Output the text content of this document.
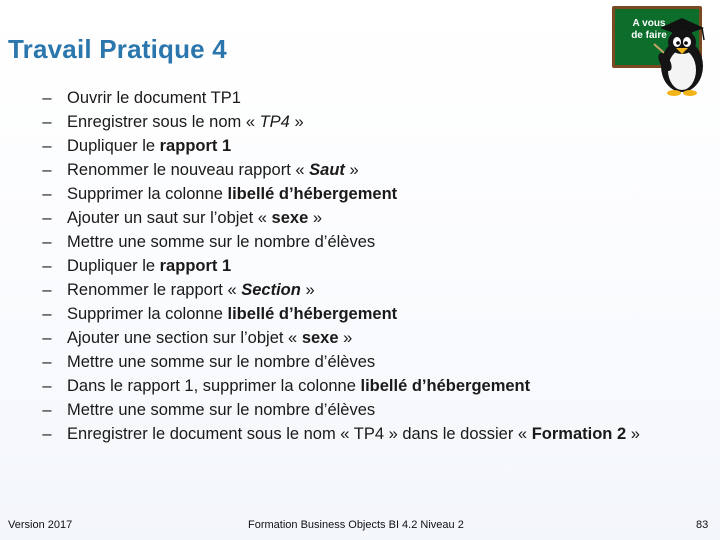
Travail Pratique 4
A vous
de faire
– Ouvrir le document TP1
– Enregistrer sous le nom « TP4 »
– Dupliquer le rapport 1
– Renommer le nouveau rapport « Saut »
– Supprimer la colonne libellé d’hébergement
– Ajouter un saut sur l’objet « sexe »
– Mettre une somme sur le nombre d’élèves
– Dupliquer le rapport 1
– Renommer le rapport « Section »
– Supprimer la colonne libellé d’hébergement
– Ajouter une section sur l’objet « sexe »
– Mettre une somme sur le nombre d’élèves
– Dans le rapport 1, supprimer la colonne libellé d’hébergement
– Mettre une somme sur le nombre d’élèves
– Enregistrer le document sous le nom « TP4 » dans le dossier « Formation 2 »
Version 2017	Formation Business Objects BI 4.2 Niveau 2	83
